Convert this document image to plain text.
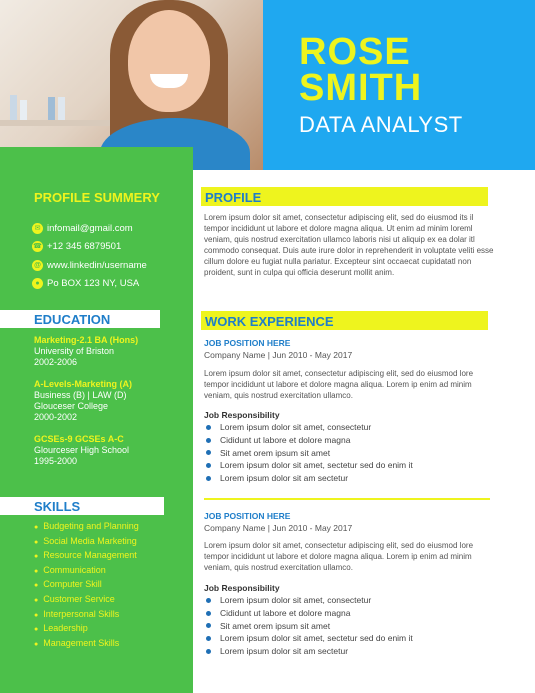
ROSE
SMITH
DATA ANALYST
PROFILE SUMMERY
✉ infomail@gmail.com
☎ +12 345 6879501
@ www.linkedin/username
● Po BOX 123 NY, USA
EDUCATION
Marketing-2.1 BA (Hons)
University of Briston
2002-2006
A-Levels-Marketing (A)
Business (B) | LAW (D)
Glouceser College
2000-2002
GCSEs-9 GCSEs A-C
Glourceser High School
1995-2000
SKILLS
● Budgeting and Planning
● Social Media Marketing
● Resource Management
● Communication
● Computer Skill
● Customer Service
● Interpersonal Skills
● Leadership
● Management Skills
PROFILE
Lorem ipsum dolor sit amet, consectetur adipiscing elit, sed do eiusmod its il tempor incididunt ut labore et dolore magna aliqua. Ut enim ad minim loreml veniam, quis nostrud exercitation ullamco laboris nisi ut aliquip ex ea dolar itl commodo consequat. Duis aute irure dolor in reprehenderit in voluptate veliti esse cillum dolore eu fugiat nulla pariatur. Excepteur sint occaecat cupidatatl non proident, sunt in culpa qui officia deserunt mollit anim.
WORK EXPERIENCE
JOB POSITION HERE
Company Name | Jun 2010 - May 2017
Lorem ipsum dolor sit amet, consectetur adipiscing elit, sed do eiusmod lore tempor incididunt ut labore et dolore magna aliqua. Lorem ip enim ad minim veniam, quis nostrud exercitation ullamco.
Job Responsibility
Lorem ipsum dolor sit amet, consectetur
Cididunt ut labore et dolore magna
Sit amet orem ipsum sit amet
Lorem ipsum dolor sit amet, sectetur sed do enim it
Lorem ipsum dolor sit am sectetur
JOB POSITION HERE
Company Name | Jun 2010 - May 2017
Lorem ipsum dolor sit amet, consectetur adipiscing elit, sed do eiusmod lore tempor incididunt ut labore et dolore magna aliqua. Lorem ip enim ad minim veniam, quis nostrud exercitation ullamco.
Job Responsibility
Lorem ipsum dolor sit amet, consectetur
Cididunt ut labore et dolore magna
Sit amet orem ipsum sit amet
Lorem ipsum dolor sit amet, sectetur sed do enim it
Lorem ipsum dolor sit am sectetur
